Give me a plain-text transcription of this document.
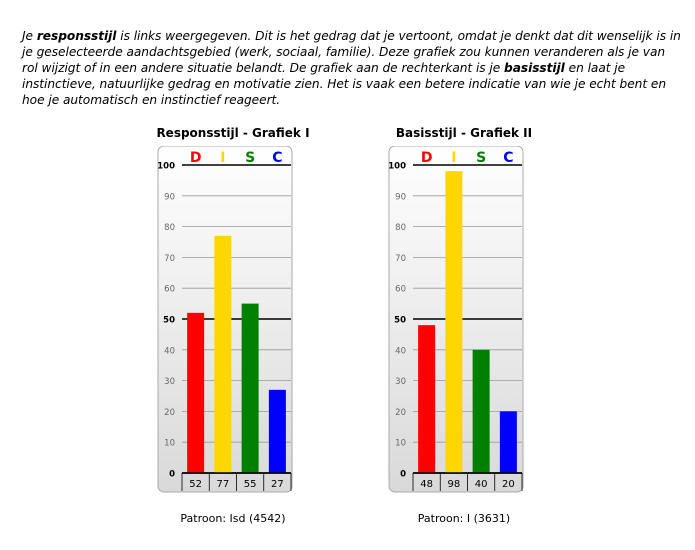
Je responsstijl is links weergegeven. Dit is het gedrag dat je vertoont, omdat je denkt dat dit wenselijk is in je geselecteerde aandachtsgebied (werk, sociaal, familie). Deze grafiek zou kunnen veranderen als je van rol wijzigt of in een andere situatie belandt. De grafiek aan de rechterkant is je basisstijl en laat je instinctieve, natuurlijke gedrag en motivatie zien. Het is vaak een betere indicatie van wie je echt bent en hoe je automatisch en instinctief reageert.

Responsstijl - Grafiek I
D I S C
0
10
20
30
40
50
60
70
80
90
100
52 77 55 27
Patroon: Isd (4542)
Basisstijl - Grafiek II
D I S C
0
10
20
30
40
50
60
70
80
90
100
48 98 40 20
Patroon: I (3631)
